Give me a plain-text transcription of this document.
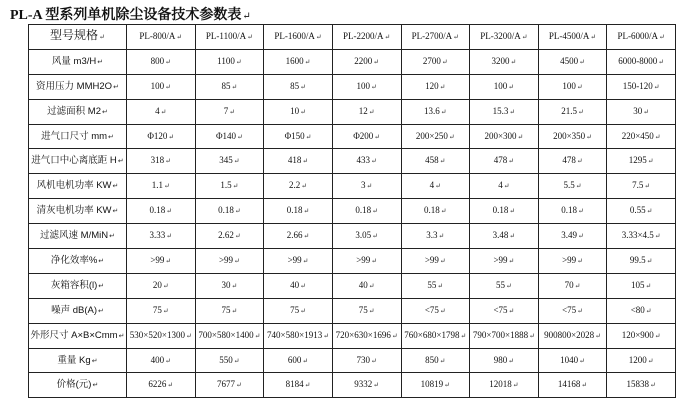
PL-A 型系列单机除尘设备技术参数表↵
型号规格↵	PL-800/A↵	PL-1100/A↵	PL-1600/A↵	PL-2200/A↵	PL-2700/A↵	PL-3200/A↵	PL-4500/A↵	PL-6000/A↵
风量 m3/H↵	800↵	1100↵	1600↵	2200↵	2700↵	3200↵	4500↵	6000-8000↵
资用压力 MMH2O↵	100↵	85↵	85↵	100↵	120↵	100↵	100↵	150-120↵
过滤面积 M2↵	4↵	7↵	10↵	12↵	13.6↵	15.3↵	21.5↵	30↵
进气口尺寸 mm↵	Φ120↵	Φ140↵	Φ150↵	Φ200↵	200×250↵	200×300↵	200×350↵	220×450↵
进气口中心离底距 H↵	318↵	345↵	418↵	433↵	458↵	478↵	478↵	1295↵
风机电机功率 KW↵	1.1↵	1.5↵	2.2↵	3↵	4↵	4↵	5.5↵	7.5↵
清灰电机功率 KW↵	0.18↵	0.18↵	0.18↵	0.18↵	0.18↵	0.18↵	0.18↵	0.55↵
过滤风速 M/MiN↵	3.33↵	2.62↵	2.66↵	3.05↵	3.3↵	3.48↵	3.49↵	3.33×4.5↵
净化效率%↵	>99↵	>99↵	>99↵	>99↵	>99↵	>99↵	>99↵	99.5↵
灰箱容积(l)↵	20↵	30↵	40↵	40↵	55↵	55↵	70↵	105↵
噪声 dB(A)↵	75↵	75↵	75↵	75↵	<75↵	<75↵	<75↵	<80↵
外形尺寸 A×B×Cmm↵	530×520×1300↵	700×580×1400↵	740×580×1913↵	720×630×1696↵	760×680×1798↵	790×700×1888↵	900800×2028↵	120×900↵
重量 Kg↵	400↵	550↵	600↵	730↵	850↵	980↵	1040↵	1200↵
价格(元)↵	6226↵	7677↵	8184↵	9332↵	10819↵	12018↵	14168↵	15838↵
